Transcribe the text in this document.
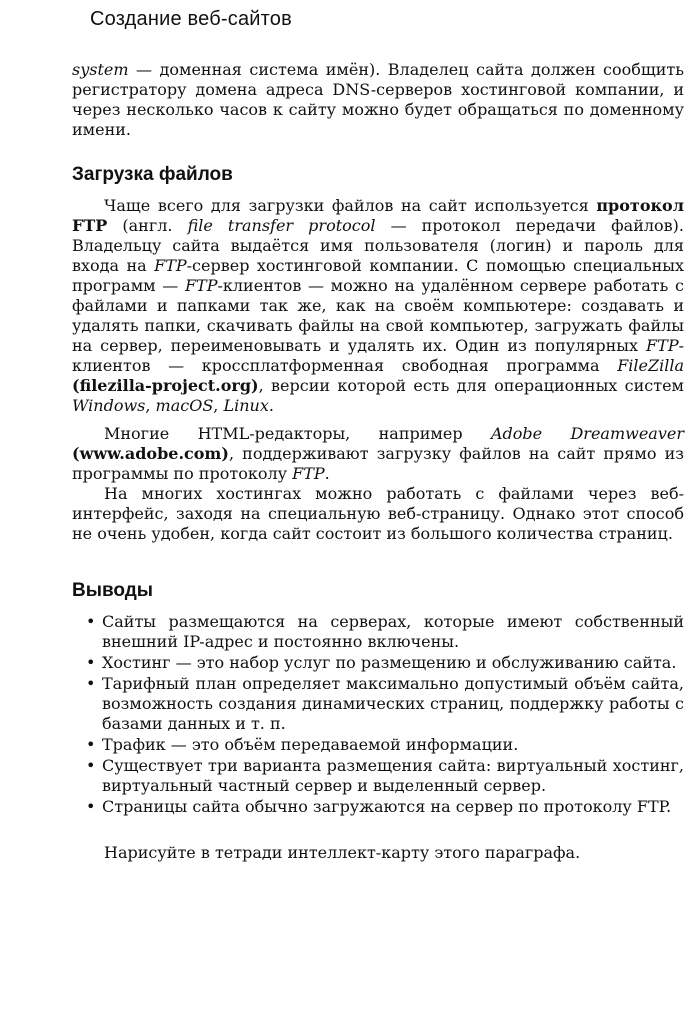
Создание веб-сайтов

system — доменная система имён). Владелец сайта должен сообщить регистратору домена адреса DNS-серверов хостинговой компании, и через несколько часов к сайту можно будет обращаться по доменному имени.

Загрузка файлов

Чаще всего для загрузки файлов на сайт используется протокол FTP (англ. file transfer protocol — протокол передачи файлов). Владельцу сайта выдаётся имя пользователя (логин) и пароль для входа на FTP-сервер хостинговой компании. С помощью специальных программ — FTP-клиентов — можно на удалённом сервере работать с файлами и папками так же, как на своём компьютере: создавать и удалять папки, скачивать файлы на свой компьютер, загружать файлы на сервер, переименовывать и удалять их. Один из популярных FTP-клиентов — кроссплатформенная свободная программа FileZilla (filezilla-project.org), версии которой есть для операционных систем Windows, macOS, Linux.

Многие HTML-редакторы, например Adobe Dreamweaver (www.adobe.com), поддерживают загрузку файлов на сайт прямо из программы по протоколу FTP.

На многих хостингах можно работать с файлами через веб-интерфейс, заходя на специальную веб-страницу. Однако этот способ не очень удобен, когда сайт состоит из большого количества страниц.

Выводы
• Сайты размещаются на серверах, которые имеют собственный внешний IP-адрес и постоянно включены.
• Хостинг — это набор услуг по размещению и обслуживанию сайта.
• Тарифный план определяет максимально допустимый объём сайта, возможность создания динамических страниц, поддержку работы с базами данных и т. п.
• Трафик — это объём передаваемой информации.
• Существует три варианта размещения сайта: виртуальный хостинг, виртуальный частный сервер и выделенный сервер.
• Страницы сайта обычно загружаются на сервер по протоколу FTP.
Нарисуйте в тетради интеллект-карту этого параграфа.
